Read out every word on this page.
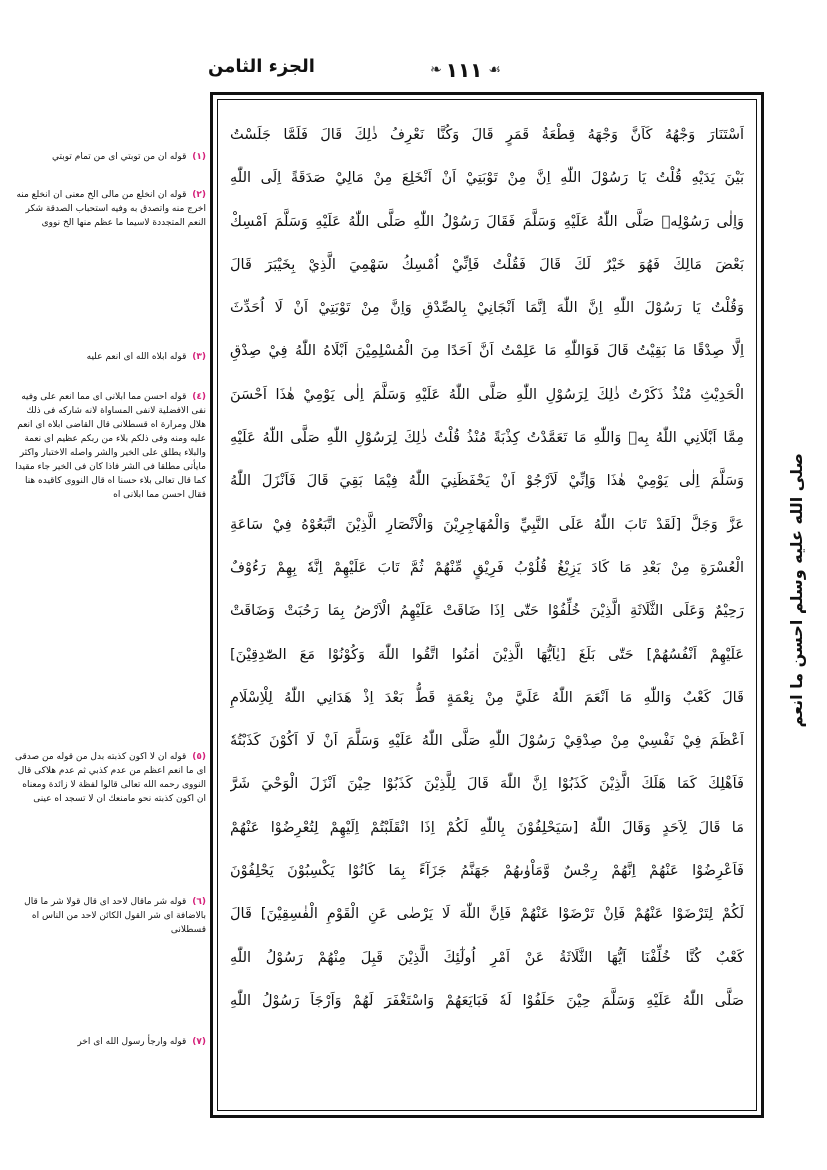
الجزء الثامن	❧ ١١١ ☙
اَسْتَنَارَ وَجْهُهُ كَاَنَّ وَجْهَهُ قِطْعَةُ قَمَرٍ قَالَ وَكُنَّا نَعْرِفُ ذٰلِكَ قَالَ فَلَمَّا جَلَسْتُ
بَيْنَ يَدَيْهِ قُلْتُ يَا رَسُوْلَ اللّٰهِ اِنَّ مِنْ تَوْبَتِيْ اَنْ اَنْخَلِعَ مِنْ مَالِيْ صَدَقَةً اِلَى اللّٰهِ
وَاِلٰى رَسُوْلِهٖ صَلَّى اللّٰهُ عَلَيْهِ وَسَلَّمَ فَقَالَ رَسُوْلُ اللّٰهِ صَلَّى اللّٰهُ عَلَيْهِ وَسَلَّمَ اَمْسِكْ
بَعْضَ مَالِكَ فَهُوَ خَيْرٌ لَكَ قَالَ فَقُلْتُ فَاِنِّيْ اُمْسِكُ سَهْمِيَ الَّذِيْ بِخَيْبَرَ قَالَ
وَقُلْتُ يَا رَسُوْلَ اللّٰهِ اِنَّ اللّٰهَ اِنَّمَا اَنْجَانِيْ بِالصِّدْقِ وَاِنَّ مِنْ تَوْبَتِيْ اَنْ لَا اُحَدِّثَ
اِلَّا صِدْقًا مَا بَقِيْتُ قَالَ فَوَاللّٰهِ مَا عَلِمْتُ اَنَّ اَحَدًا مِنَ الْمُسْلِمِيْنَ اَبْلَاهُ اللّٰهُ فِيْ صِدْقِ
الْحَدِيْثِ مُنْذُ ذَكَرْتُ ذٰلِكَ لِرَسُوْلِ اللّٰهِ صَلَّى اللّٰهُ عَلَيْهِ وَسَلَّمَ اِلٰى يَوْمِيْ هٰذَا اَحْسَنَ
مِمَّا اَبْلَانِي اللّٰهُ بِهٖ وَاللّٰهِ مَا تَعَمَّدْتُ كِذْبَةً مُنْذُ قُلْتُ ذٰلِكَ لِرَسُوْلِ اللّٰهِ صَلَّى اللّٰهُ عَلَيْهِ
وَسَلَّمَ اِلٰى يَوْمِيْ هٰذَا وَاِنِّيْ لَاَرْجُوْ اَنْ يَحْفَظَنِيَ اللّٰهُ فِيْمَا بَقِيَ قَالَ فَاَنْزَلَ اللّٰهُ
عَزَّ وَجَلَّ [لَقَدْ تَابَ اللّٰهُ عَلَى النَّبِيِّ وَالْمُهَاجِرِيْنَ وَالْاَنْصَارِ الَّذِيْنَ اتَّبَعُوْهُ فِيْ سَاعَةِ
الْعُسْرَةِ مِنْ بَعْدِ مَا كَادَ يَزِيْغُ قُلُوْبُ فَرِيْقٍ مِّنْهُمْ ثُمَّ تَابَ عَلَيْهِمْ اِنَّهٗ بِهِمْ رَءُوْفٌ
رَحِيْمٌ وَعَلَى الثَّلَاثَةِ الَّذِيْنَ خُلِّفُوْا حَتّٰى اِذَا ضَاقَتْ عَلَيْهِمُ الْاَرْضُ بِمَا رَحُبَتْ وَضَاقَتْ
عَلَيْهِمْ اَنْفُسُهُمْ] حَتّٰى بَلَغَ [يٰاَيُّهَا الَّذِيْنَ اٰمَنُوا اتَّقُوا اللّٰهَ وَكُوْنُوْا مَعَ الصّٰدِقِيْنَ]
قَالَ كَعْبٌ وَاللّٰهِ مَا اَنْعَمَ اللّٰهُ عَلَيَّ مِنْ نِعْمَةٍ قَطُّ بَعْدَ اِذْ هَدَانِي اللّٰهُ لِلْاِسْلَامِ
اَعْظَمَ فِيْ نَفْسِيْ مِنْ صِدْقِيْ رَسُوْلَ اللّٰهِ صَلَّى اللّٰهُ عَلَيْهِ وَسَلَّمَ اَنْ لَا اَكُوْنَ كَذَبْتُهٗ
فَاَهْلِكَ كَمَا هَلَكَ الَّذِيْنَ كَذَبُوْا اِنَّ اللّٰهَ قَالَ لِلَّذِيْنَ كَذَبُوْا حِيْنَ اَنْزَلَ الْوَحْيَ شَرَّ
مَا قَالَ لِاَحَدٍ وَقَالَ اللّٰهُ [سَيَحْلِفُوْنَ بِاللّٰهِ لَكُمْ اِذَا انْقَلَبْتُمْ اِلَيْهِمْ لِتُعْرِضُوْا عَنْهُمْ
فَاَعْرِضُوْا عَنْهُمْ اِنَّهُمْ رِجْسٌ وَّمَاْوٰىهُمْ جَهَنَّمُ جَزَآءً بِمَا كَانُوْا يَكْسِبُوْنَ يَحْلِفُوْنَ
لَكُمْ لِتَرْضَوْا عَنْهُمْ فَاِنْ تَرْضَوْا عَنْهُمْ فَاِنَّ اللّٰهَ لَا يَرْضٰى عَنِ الْقَوْمِ الْفٰسِقِيْنَ] قَالَ
كَعْبٌ كُنَّا خُلِّفْنَا اَيُّهَا الثَّلَاثَةُ عَنْ اَمْرِ اُولٰٓئِكَ الَّذِيْنَ قَبِلَ مِنْهُمْ رَسُوْلُ اللّٰهِ
صَلَّى اللّٰهُ عَلَيْهِ وَسَلَّمَ حِيْنَ حَلَفُوْا لَهٗ فَبَايَعَهُمْ وَاسْتَغْفَرَ لَهُمْ وَاَرْجَاَ رَسُوْلُ اللّٰهِ
(١) قوله ان من توبتي اى من تمام توبتي
(٢) قوله ان انخلع من مالى الخ معنى ان انخلع منه اخرج منه واتصدق به وفيه استحباب الصدقة شكر النعم المتجددة لاسيما ما عظم منها الخ نووى
(٣) قوله ابلاه الله اى انعم عليه
(٤) قوله احسن مما ابلانى اى مما انعم على وفيه نفى الافضلية لانفى المساواة لانه شاركه فى ذلك هلال ومرارة اه قسطلانى قال القاضى ابلاه اى انعم عليه ومنه وفى ذلكم بلاء من ربكم عظيم اى نعمة والبلاء يطلق على الخير والشر واصله الاختبار واكثر مايأتى مطلقا فى الشر فاذا كان فى الخير جاء مقيدا كما قال تعالى بلاء حسنا اه قال النووى كاقيده هنا فقال احسن مما ابلانى اه
(٥) قوله ان لا اكون كذبته بدل من قوله من صدقى اى ما انعم اعظم من عدم كذبي ثم عدم هلاكى قال النووى رحمه الله تعالى قالوا لفظة لا زائدة ومعناه ان اكون كذبته نحو مامنعك ان لا تسجد اه عينى
(٦) قوله شر ماقال لاحد اى قال قولا شر ما قال بالاضافة اى شر القول الكائن لاحد من الناس اه قسطلانى
(٧) قوله وارجأ رسول الله اى اخر
صلى الله عليه وسلم احسن ما انعم
